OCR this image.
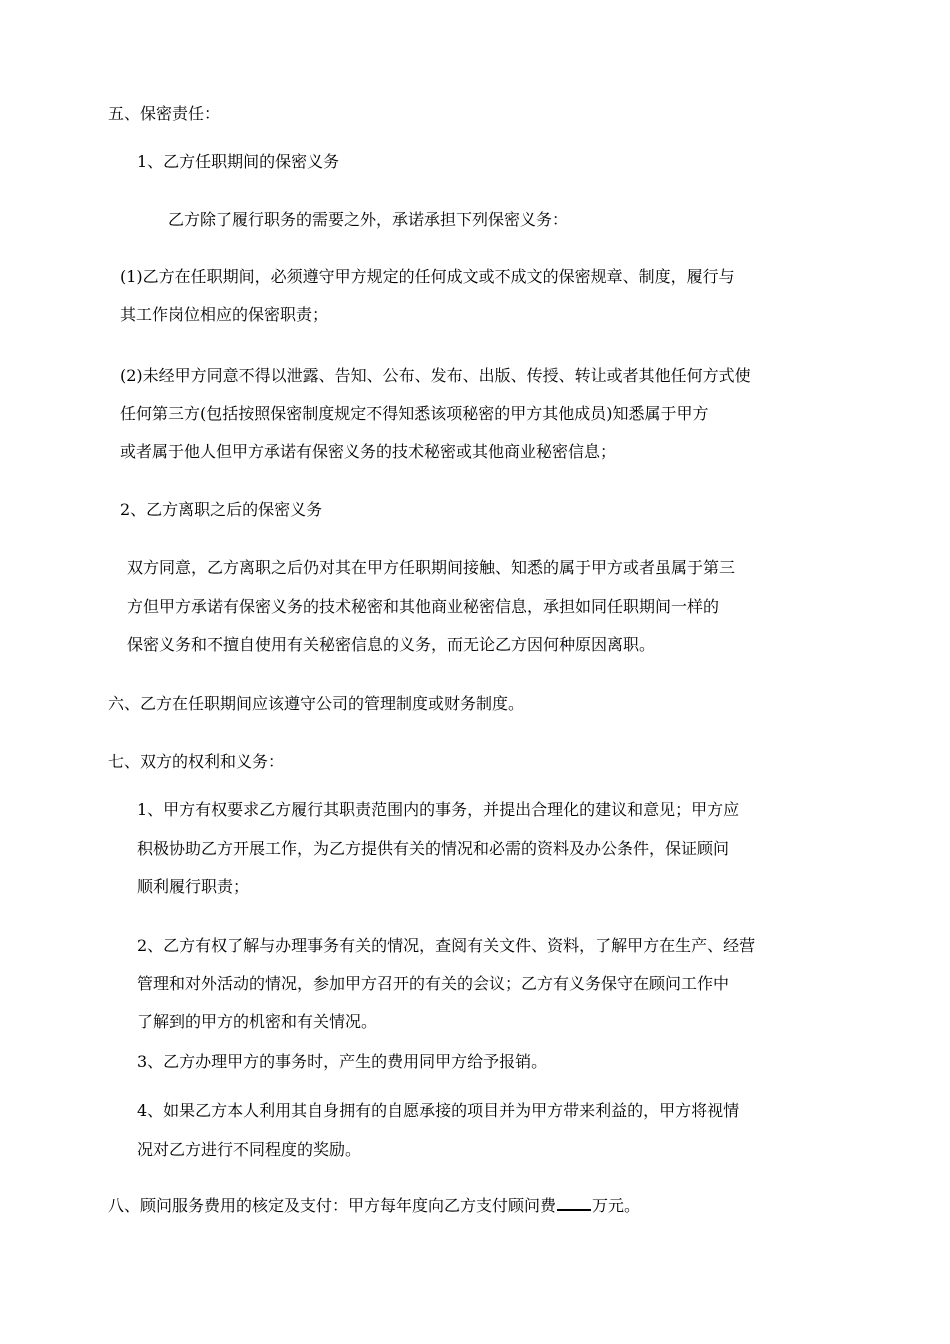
五、保密责任：
1、乙方任职期间的保密义务
乙方除了履行职务的需要之外，承诺承担下列保密义务：
(1)乙方在任职期间，必须遵守甲方规定的任何成文或不成文的保密规章、制度，履行与
其工作岗位相应的保密职责；
(2)未经甲方同意不得以泄露、告知、公布、发布、出版、传授、转让或者其他任何方式使
任何第三方(包括按照保密制度规定不得知悉该项秘密的甲方其他成员)知悉属于甲方
或者属于他人但甲方承诺有保密义务的技术秘密或其他商业秘密信息；
2、乙方离职之后的保密义务
双方同意，乙方离职之后仍对其在甲方任职期间接触、知悉的属于甲方或者虽属于第三
方但甲方承诺有保密义务的技术秘密和其他商业秘密信息，承担如同任职期间一样的
保密义务和不擅自使用有关秘密信息的义务，而无论乙方因何种原因离职。
六、乙方在任职期间应该遵守公司的管理制度或财务制度。
七、双方的权利和义务：
1、甲方有权要求乙方履行其职责范围内的事务，并提出合理化的建议和意见；甲方应
积极协助乙方开展工作，为乙方提供有关的情况和必需的资料及办公条件，保证顾问
顺利履行职责；
2、乙方有权了解与办理事务有关的情况，查阅有关文件、资料，了解甲方在生产、经营
管理和对外活动的情况，参加甲方召开的有关的会议；乙方有义务保守在顾问工作中
了解到的甲方的机密和有关情况。
3、乙方办理甲方的事务时，产生的费用同甲方给予报销。
4、如果乙方本人利用其自身拥有的自愿承接的项目并为甲方带来利益的，甲方将视情
况对乙方进行不同程度的奖励。
八、顾问服务费用的核定及支付：甲方每年度向乙方支付顾问费 万元。
